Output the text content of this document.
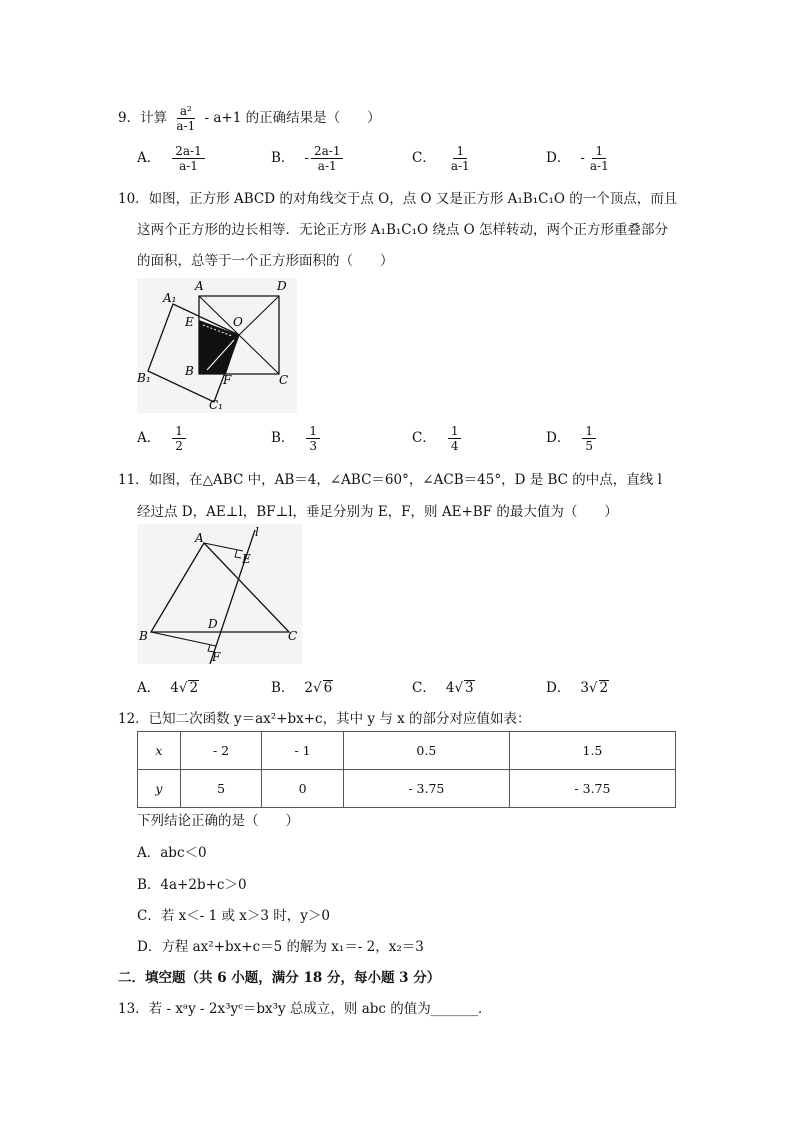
9．计算 $\frac{\text{a²}}{a-1} - a+1$ 的正确结果是（　　）
A． $\frac{2a-1}{a-1}$	B． - $\frac{2a-1}{a-1}$	C． $\frac{1}{a-1}$	D． - $\frac{1}{a-1}$
10．如图，正方形 ABCD 的对角线交于点 O，点 O 又是正方形 A₁B₁C₁O 的一个顶点，而且
这两个正方形的边长相等．无论正方形 A₁B₁C₁O 绕点 O 怎样转动，两个正方形重叠部分
的面积，总等于一个正方形面积的（　　）
A₁
A	D
E	O
B₁	B
F	C
C₁
A． $\frac{1}{2}$	B． $\frac{1}{3}$	C． $\frac{1}{4}$	D． $\frac{1}{5}$
11．如图，在△ABC 中，AB＝4，∠ABC＝60°，∠ACB＝45°，D 是 BC 的中点，直线 l
经过点 D，AE⊥l，BF⊥l，垂足分别为 E，F，则 AE+BF 的最大值为（　　）
A	l
E
B
D
C
F
A． 4√ 2	B． 2√ 6	C． 4√ 3	D． 3√ 2
12．已知二次函数 y＝ax²+bx+c，其中 y 与 x 的部分对应值如表：
x	- 2	- 1	0.5	1.5
y	5	0	- 3.75	- 3.75
下列结论正确的是（　　）
A．abc＜0
B．4a+2b+c＞0
C．若 x＜- 1 或 x＞3 时，y＞0
D．方程 ax²+bx+c＝5 的解为 x₁＝- 2，x₂＝3
二．填空题（共 6 小题，满分 18 分，每小题 3 分）
13．若 - xᵃy - 2x³yᶜ＝bx³y 总成立，则 abc 的值为_______．
